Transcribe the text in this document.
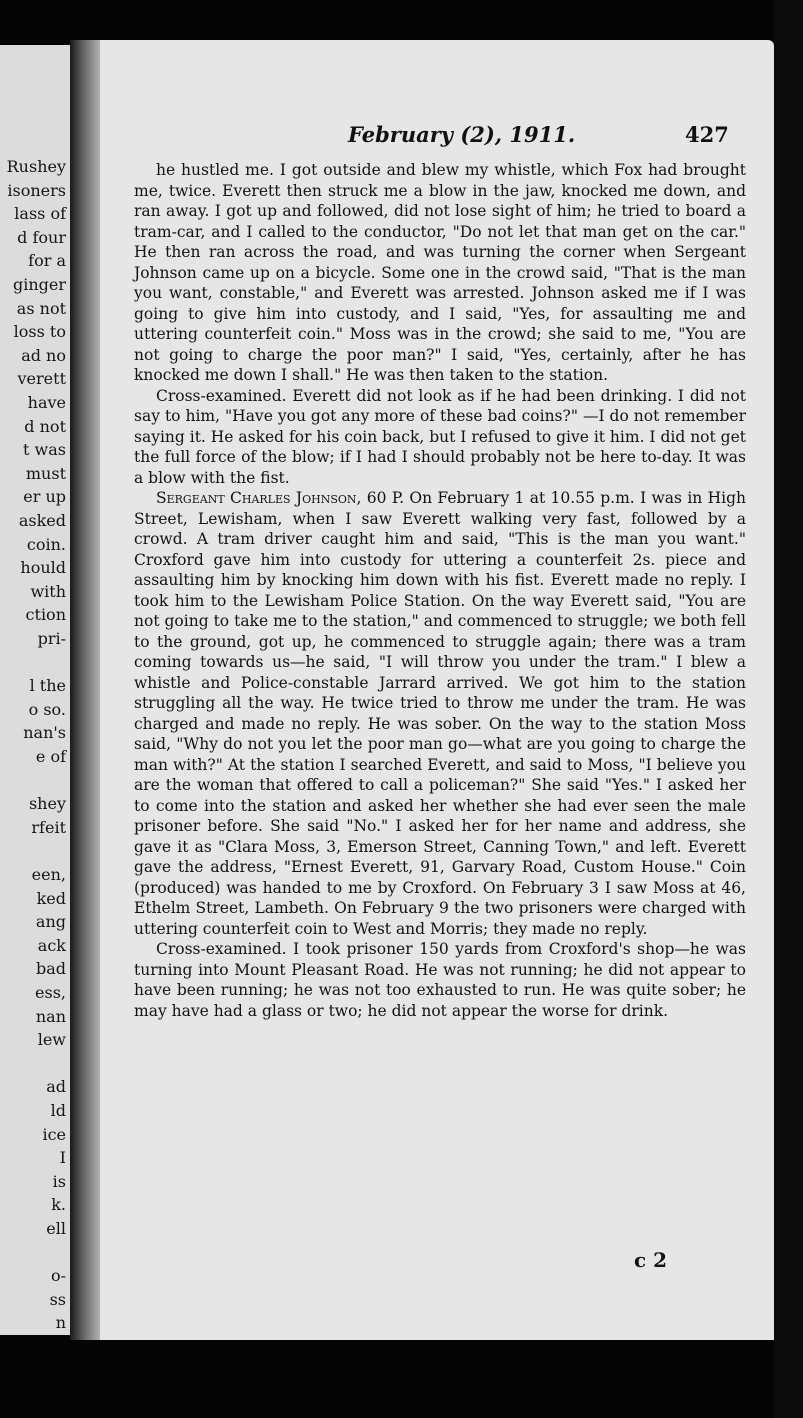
Rushey
isoners
lass of
d four
for a
ginger
as not
loss to
ad no
verett
have
d not
t was
must
er up
asked
coin.
hould
with
ction
pri-
l the
o so.
nan's
e of
shey
rfeit
een,
ked
ang
ack
bad
ess,
nan
lew
ad
ld
ice
I
is
k.
ell
o-
ss
n
February (2), 1911.	427

he hustled me. I got outside and blew my whistle, which Fox had brought me, twice. Everett then struck me a blow in the jaw, knocked me down, and ran away. I got up and followed, did not lose sight of him; he tried to board a tram-car, and I called to the conductor, "Do not let that man get on the car." He then ran across the road, and was turning the corner when Sergeant Johnson came up on a bicycle. Some one in the crowd said, "That is the man you want, constable," and Everett was arrested. Johnson asked me if I was going to give him into custody, and I said, "Yes, for assaulting me and uttering counterfeit coin." Moss was in the crowd; she said to me, "You are not going to charge the poor man?" I said, "Yes, certainly, after he has knocked me down I shall." He was then taken to the station.

Cross-examined. Everett did not look as if he had been drinking. I did not say to him, "Have you got any more of these bad coins?" —I do not remember saying it. He asked for his coin back, but I refused to give it him. I did not get the full force of the blow; if I had I should probably not be here to-day. It was a blow with the fist.

Sergeant Charles Johnson, 60 P. On February 1 at 10.55 p.m. I was in High Street, Lewisham, when I saw Everett walking very fast, followed by a crowd. A tram driver caught him and said, "This is the man you want." Croxford gave him into custody for uttering a counterfeit 2s. piece and assaulting him by knocking him down with his fist. Everett made no reply. I took him to the Lewisham Police Station. On the way Everett said, "You are not going to take me to the station," and commenced to struggle; we both fell to the ground, got up, he commenced to struggle again; there was a tram coming towards us—he said, "I will throw you under the tram." I blew a whistle and Police-constable Jarrard arrived. We got him to the station struggling all the way. He twice tried to throw me under the tram. He was charged and made no reply. He was sober. On the way to the station Moss said, "Why do not you let the poor man go—what are you going to charge the man with?" At the station I searched Everett, and said to Moss, "I believe you are the woman that offered to call a policeman?" She said "Yes." I asked her to come into the station and asked her whether she had ever seen the male prisoner before. She said "No." I asked her for her name and address, she gave it as "Clara Moss, 3, Emerson Street, Canning Town," and left. Everett gave the address, "Ernest Everett, 91, Garvary Road, Custom House." Coin (produced) was handed to me by Croxford. On February 3 I saw Moss at 46, Ethelm Street, Lambeth. On February 9 the two prisoners were charged with uttering counterfeit coin to West and Morris; they made no reply.

Cross-examined. I took prisoner 150 yards from Croxford's shop—he was turning into Mount Pleasant Road. He was not running; he did not appear to have been running; he was not too exhausted to run. He was quite sober; he may have had a glass or two; he did not appear the worse for drink.

c 2
